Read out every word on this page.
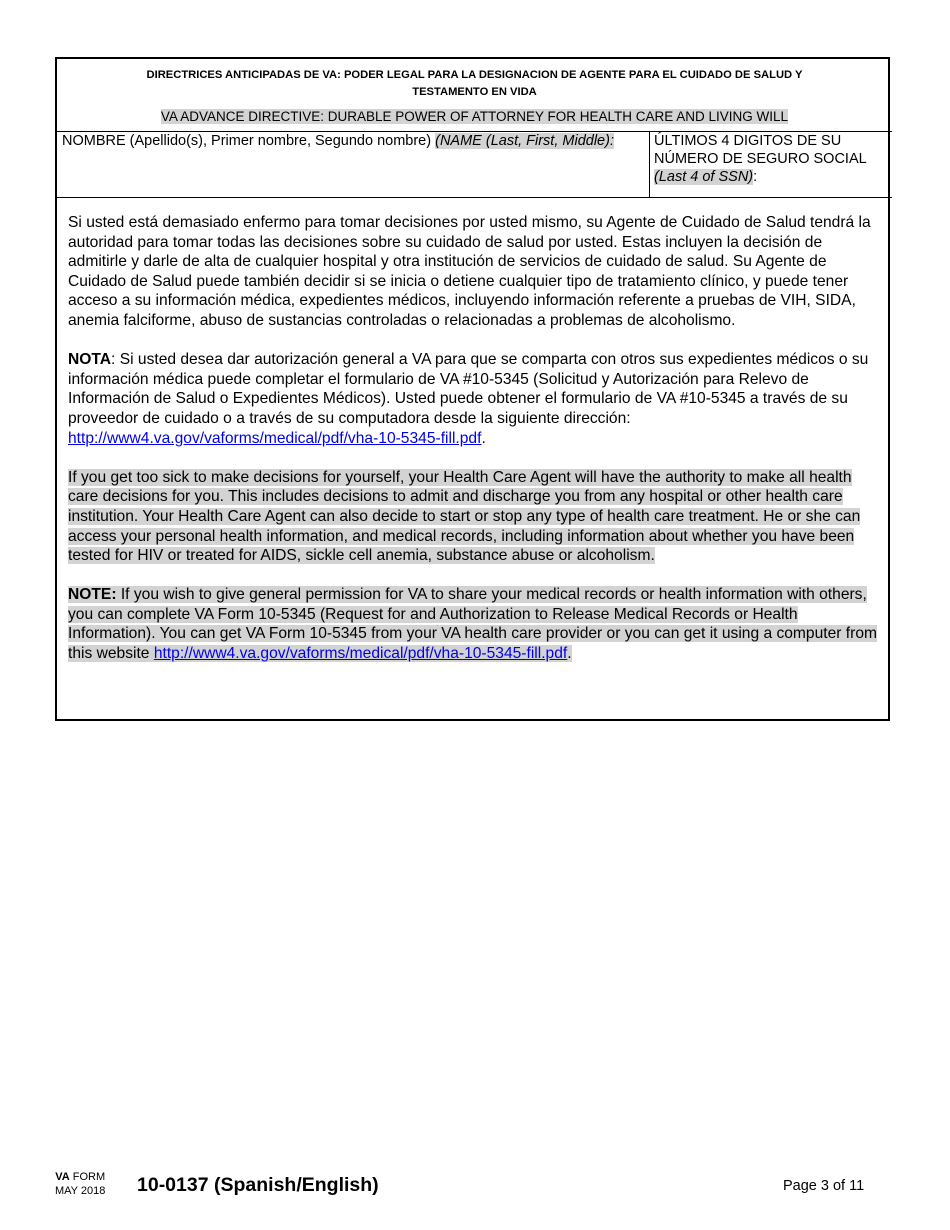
DIRECTRICES ANTICIPADAS DE VA: PODER LEGAL PARA LA DESIGNACION DE AGENTE PARA EL CUIDADO DE SALUD Y
TESTAMENTO EN VIDA
VA ADVANCE DIRECTIVE: DURABLE POWER OF ATTORNEY FOR HEALTH CARE AND LIVING WILL
NOMBRE (Apellido(s), Primer nombre, Segundo nombre) (NAME (Last, First, Middle):	ÚLTIMOS 4 DIGITOS DE SU
NÚMERO DE SEGURO SOCIAL
(Last 4 of SSN):

Si usted está demasiado enfermo para tomar decisiones por usted mismo, su Agente de Cuidado de Salud tendrá la autoridad para tomar todas las decisiones sobre su cuidado de salud por usted. Estas incluyen la decisión de admitirle y darle de alta de cualquier hospital y otra institución de servicios de cuidado de salud. Su Agente de Cuidado de Salud puede también decidir si se inicia o detiene cualquier tipo de tratamiento clínico, y puede tener acceso a su información médica, expedientes médicos, incluyendo información referente a pruebas de VIH, SIDA, anemia falciforme, abuso de sustancias controladas o relacionadas a problemas de alcoholismo.

NOTA: Si usted desea dar autorización general a VA para que se comparta con otros sus expedientes médicos o su información médica puede completar el formulario de VA #10-5345 (Solicitud y Autorización para Relevo de Información de Salud o Expedientes Médicos). Usted puede obtener el formulario de VA #10-5345 a través de su proveedor de cuidado o a través de su computadora desde la siguiente dirección: http://www4.va.gov/vaforms/medical/pdf/vha-10-5345-fill.pdf.

If you get too sick to make decisions for yourself, your Health Care Agent will have the authority to make all health care decisions for you. This includes decisions to admit and discharge you from any hospital or other health care institution. Your Health Care Agent can also decide to start or stop any type of health care treatment. He or she can access your personal health information, and medical records, including information about whether you have been tested for HIV or treated for AIDS, sickle cell anemia, substance abuse or alcoholism.

NOTE: If you wish to give general permission for VA to share your medical records or health information with others, you can complete VA Form 10-5345 (Request for and Authorization to Release Medical Records or Health Information). You can get VA Form 10-5345 from your VA health care provider or you can get it using a computer from this website http://www4.va.gov/vaforms/medical/pdf/vha-10-5345-fill.pdf.

VA FORM
MAY 2018 10-0137 (Spanish/English)	Page 3 of 11
